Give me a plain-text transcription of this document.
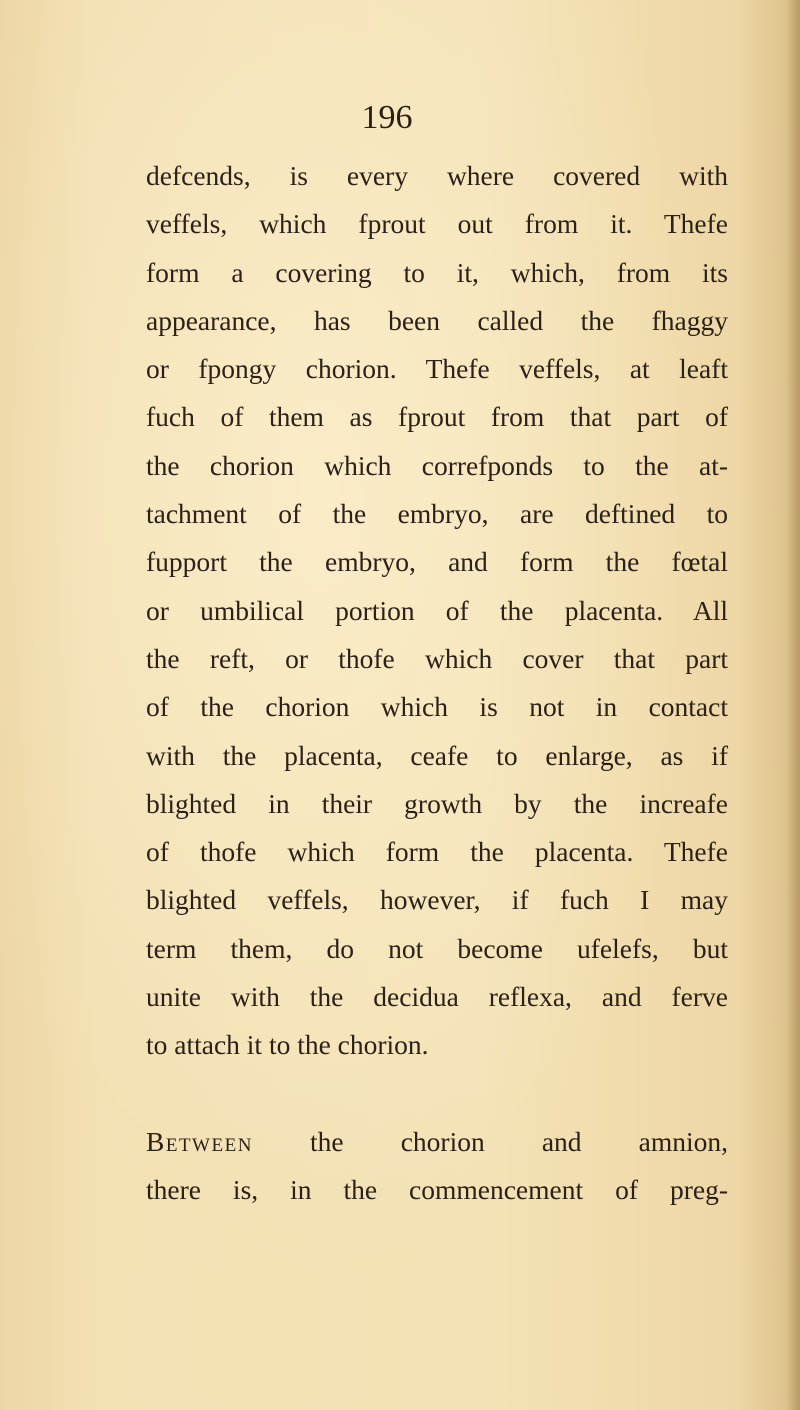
196
defcends, is every where covered with
veffels, which fprout out from it. Thefe
form a covering to it, which, from its
appearance, has been called the fhaggy
or fpongy chorion. Thefe veffels, at leaft
fuch of them as fprout from that part of
the chorion which correfponds to the at-
tachment of the embryo, are deftined to
fupport the embryo, and form the fœtal
or umbilical portion of the placenta. All
the reft, or thofe which cover that part
of the chorion which is not in contact
with the placenta, ceafe to enlarge, as if
blighted in their growth by the increafe
of thofe which form the placenta. Thefe
blighted veffels, however, if fuch I may
term them, do not become ufelefs, but
unite with the decidua reflexa, and ferve
to attach it to the chorion.
Between the chorion and amnion,
there is, in the commencement of preg-
